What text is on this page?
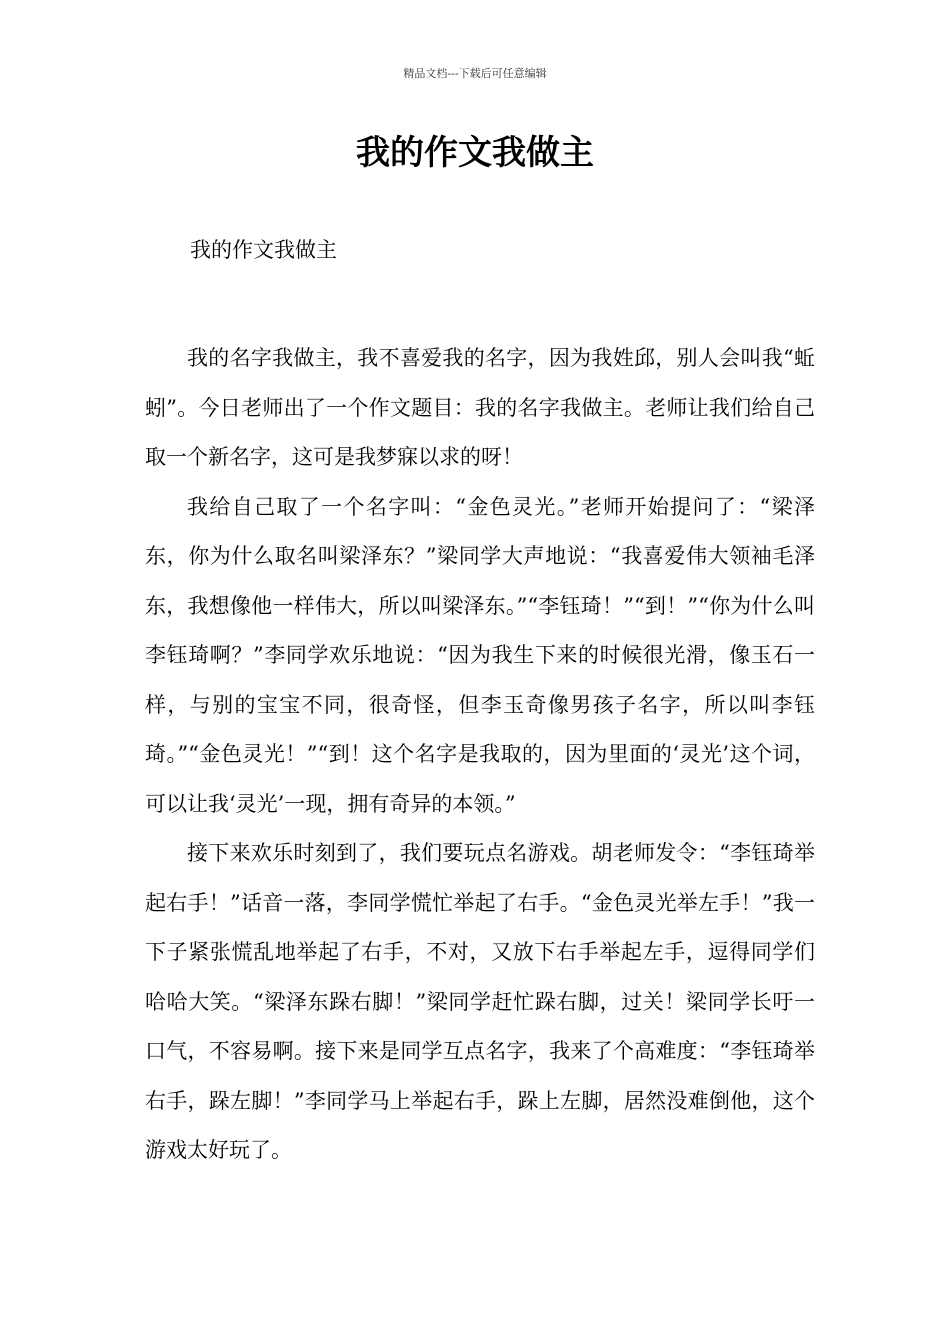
精品文档---下载后可任意编辑
我的作文我做主

我的作文我做主

我的名字我做主，我不喜爱我的名字，因为我姓邱，别人会叫我“蚯蚓”。今日老师出了一个作文题目：我的名字我做主。老师让我们给自己取一个新名字，这可是我梦寐以求的呀！

我给自己取了一个名字叫：“金色灵光。”老师开始提问了：“梁泽东，你为什么取名叫梁泽东？”梁同学大声地说：“我喜爱伟大领袖毛泽东，我想像他一样伟大，所以叫梁泽东。”“李钰琦！”“到！”“你为什么叫李钰琦啊？”李同学欢乐地说：“因为我生下来的时候很光滑，像玉石一样，与别的宝宝不同，很奇怪，但李玉奇像男孩子名字，所以叫李钰琦。”“金色灵光！”“到！这个名字是我取的，因为里面的‘灵光’这个词，可以让我‘灵光’一现，拥有奇异的本领。”

接下来欢乐时刻到了，我们要玩点名游戏。胡老师发令：“李钰琦举起右手！”话音一落，李同学慌忙举起了右手。“金色灵光举左手！”我一下子紧张慌乱地举起了右手，不对，又放下右手举起左手，逗得同学们哈哈大笑。“梁泽东跺右脚！”梁同学赶忙跺右脚，过关！梁同学长吁一口气，不容易啊。接下来是同学互点名字，我来了个高难度：“李钰琦举右手，跺左脚！”李同学马上举起右手，跺上左脚，居然没难倒他，这个游戏太好玩了。
